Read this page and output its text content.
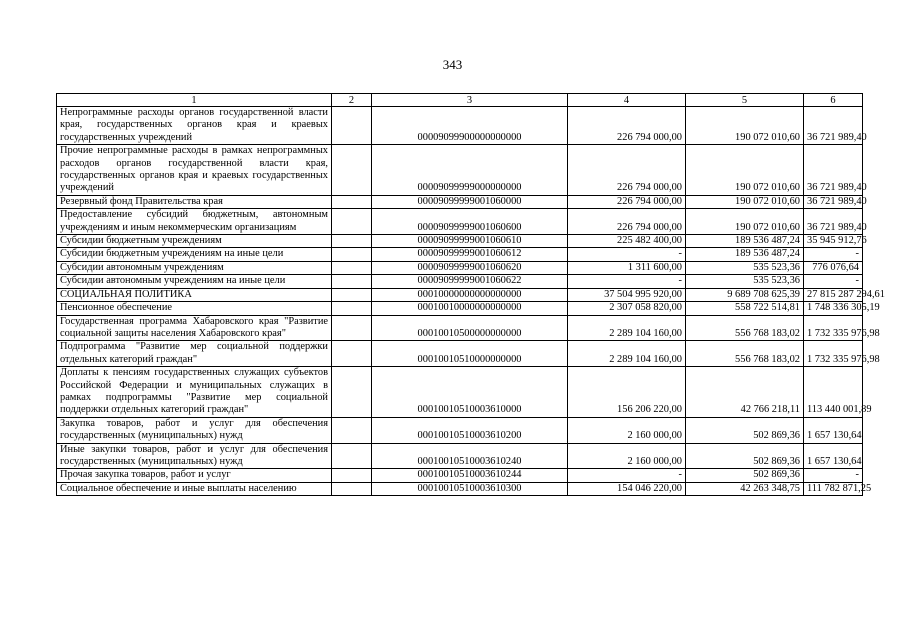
343
1	2	3	4	5	6
Непрограммные расходы органов государственной власти края, государственных органов края и краевых государственных учреждений		00009099900000000000	226 794 000,00	190 072 010,60	36 721 989,40
Прочие непрограммные расходы в рамках непрограммных расходов органов государственной власти края, государственных органов края и краевых государственных учреждений		00009099999000000000	226 794 000,00	190 072 010,60	36 721 989,40
Резервный фонд Правительства края		00009099999001060000	226 794 000,00	190 072 010,60	36 721 989,40
Предоставление субсидий бюджетным, автономным учреждениям и иным некоммерческим организациям		00009099999001060600	226 794 000,00	190 072 010,60	36 721 989,40
Субсидии бюджетным учреждениям		00009099999001060610	225 482 400,00	189 536 487,24	35 945 912,76
Субсидии бюджетным учреждениям на иные цели		00009099999001060612	-	189 536 487,24	-
Субсидии автономным учреждениям		00009099999001060620	1 311 600,00	535 523,36	776 076,64
Субсидии автономным учреждениям на иные цели		00009099999001060622	-	535 523,36	-
СОЦИАЛЬНАЯ ПОЛИТИКА		00010000000000000000	37 504 995 920,00	9 689 708 625,39	27 815 287 294,61
Пенсионное обеспечение		00010010000000000000	2 307 058 820,00	558 722 514,81	1 748 336 305,19
Государственная программа Хабаровского края "Развитие социальной защиты населения Хабаровского края"		00010010500000000000	2 289 104 160,00	556 768 183,02	1 732 335 976,98
Подпрограмма "Развитие мер социальной поддержки отдельных категорий граждан"		00010010510000000000	2 289 104 160,00	556 768 183,02	1 732 335 976,98
Доплаты к пенсиям государственных служащих субъектов Российской Федерации и муниципальных служащих в рамках подпрограммы "Развитие мер социальной поддержки отдельных категорий граждан"		00010010510003610000	156 206 220,00	42 766 218,11	113 440 001,89
Закупка товаров, работ и услуг для обеспечения государственных (муниципальных) нужд		00010010510003610200	2 160 000,00	502 869,36	1 657 130,64
Иные закупки товаров, работ и услуг для обеспечения государственных (муниципальных) нужд		00010010510003610240	2 160 000,00	502 869,36	1 657 130,64
Прочая закупка товаров, работ и услуг		00010010510003610244	-	502 869,36	-
Социальное обеспечение и иные выплаты населению		00010010510003610300	154 046 220,00	42 263 348,75	111 782 871,25
